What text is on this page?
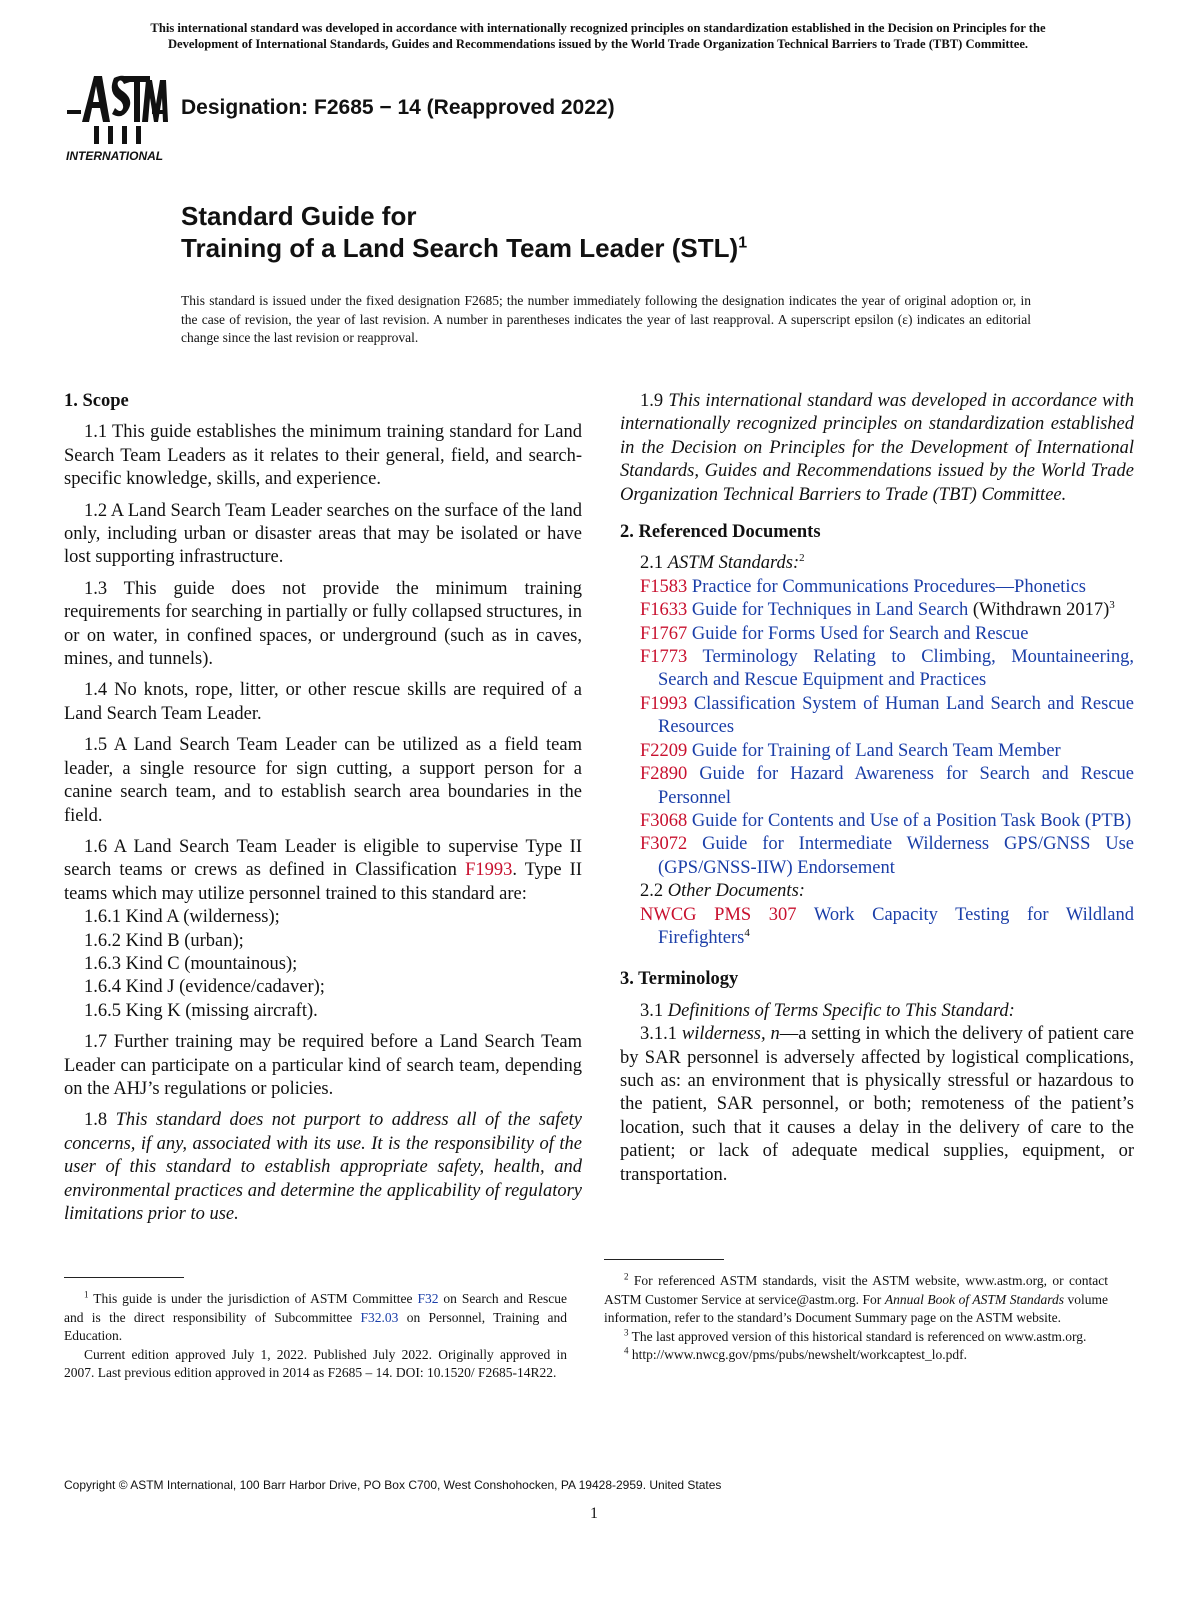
This international standard was developed in accordance with internationally recognized principles on standardization established in the Decision on Principles for the
Development of International Standards, Guides and Recommendations issued by the World Trade Organization Technical Barriers to Trade (TBT) Committee.
INTERNATIONAL
Designation: F2685 − 14 (Reapproved 2022)
Standard Guide for
Training of a Land Search Team Leader (STL)$^1$
This standard is issued under the fixed designation F2685; the number immediately following the designation indicates the year of original adoption or, in the case of revision, the year of last revision. A number in parentheses indicates the year of last reapproval. A superscript epsilon (ε) indicates an editorial change since the last revision or reapproval.

1. Scope

1.1 This guide establishes the minimum training standard for Land Search Team Leaders as it relates to their general, field, and search-specific knowledge, skills, and experience.

1.2 A Land Search Team Leader searches on the surface of the land only, including urban or disaster areas that may be isolated or have lost supporting infrastructure.

1.3 This guide does not provide the minimum training requirements for searching in partially or fully collapsed structures, in or on water, in confined spaces, or underground (such as in caves, mines, and tunnels).

1.4 No knots, rope, litter, or other rescue skills are required of a Land Search Team Leader.

1.5 A Land Search Team Leader can be utilized as a field team leader, a single resource for sign cutting, a support person for a canine search team, and to establish search area boundaries in the field.

1.6 A Land Search Team Leader is eligible to supervise Type II search teams or crews as defined in Classification F1993. Type II teams which may utilize personnel trained to this standard are:

1.6.1 Kind A (wilderness);

1.6.2 Kind B (urban);

1.6.3 Kind C (mountainous);

1.6.4 Kind J (evidence/cadaver);

1.6.5 King K (missing aircraft).

1.7 Further training may be required before a Land Search Team Leader can participate on a particular kind of search team, depending on the AHJ’s regulations or policies.

1.8 This standard does not purport to address all of the safety concerns, if any, associated with its use. It is the responsibility of the user of this standard to establish appropriate safety, health, and environmental practices and determine the applicability of regulatory limitations prior to use.

1.9 This international standard was developed in accordance with internationally recognized principles on standardization established in the Decision on Principles for the Development of International Standards, Guides and Recommendations issued by the World Trade Organization Technical Barriers to Trade (TBT) Committee.

2. Referenced Documents

2.1 ASTM Standards:$^2$

F1583 Practice for Communications Procedures—Phonetics

F1633 Guide for Techniques in Land Search (Withdrawn 2017)$^3$

F1767 Guide for Forms Used for Search and Rescue

F1773 Terminology Relating to Climbing, Mountaineering, Search and Rescue Equipment and Practices

F1993 Classification System of Human Land Search and Rescue Resources

F2209 Guide for Training of Land Search Team Member

F2890 Guide for Hazard Awareness for Search and Rescue Personnel

F3068 Guide for Contents and Use of a Position Task Book (PTB)

F3072 Guide for Intermediate Wilderness GPS/GNSS Use (GPS/GNSS-IIW) Endorsement

2.2 Other Documents:

NWCG PMS 307 Work Capacity Testing for Wildland Firefighters$^4$

3. Terminology

3.1 Definitions of Terms Specific to This Standard:

3.1.1 wilderness, n—a setting in which the delivery of patient care by SAR personnel is adversely affected by logistical complications, such as: an environment that is physically stressful or hazardous to the patient, SAR personnel, or both; remoteness of the patient’s location, such that it causes a delay in the delivery of care to the patient; or lack of adequate medical supplies, equipment, or transportation.

$^1$ This guide is under the jurisdiction of ASTM Committee F32 on Search and Rescue and is the direct responsibility of Subcommittee F32.03 on Personnel, Training and Education.

Current edition approved July 1, 2022. Published July 2022. Originally approved in 2007. Last previous edition approved in 2014 as F2685 – 14. DOI: 10.1520/ F2685-14R22.

$^2$ For referenced ASTM standards, visit the ASTM website, www.astm.org, or contact ASTM Customer Service at service@astm.org. For Annual Book of ASTM Standards volume information, refer to the standard’s Document Summary page on the ASTM website.

$^3$ The last approved version of this historical standard is referenced on www.astm.org.

$^4$ http://www.nwcg.gov/pms/pubs/newshelt/workcaptest_lo.pdf.

Copyright © ASTM International, 100 Barr Harbor Drive, PO Box C700, West Conshohocken, PA 19428-2959. United States
1
